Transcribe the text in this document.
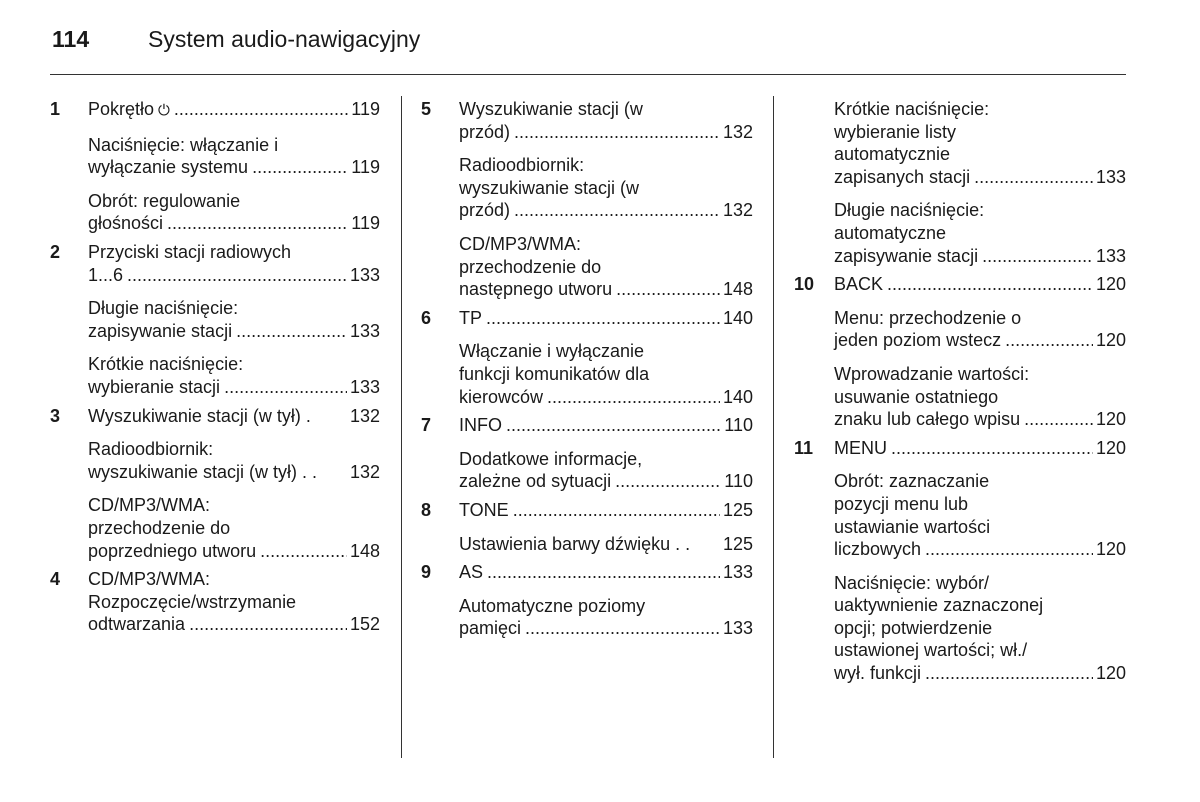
114	System audio-nawigacyjny
1 Pokrętło ⏻ .....	119
Naciśnięcie: włączanie i
wyłączanie systemu .....	119
Obrót: regulowanie
głośności .....	119
2 Przyciski stacji radiowych
1...6 .....	133
Długie naciśnięcie:
zapisywanie stacji .....	133
Krótkie naciśnięcie:
wybieranie stacji .....	133
3 Wyszukiwanie stacji (w tył) . 132
Radioodbiornik:
wyszukiwanie stacji (w tył) . . 132
CD/MP3/WMA:
przechodzenie do
poprzedniego utworu .....	148
4 CD/MP3/WMA:
Rozpoczęcie/wstrzymanie
odtwarzania .....	152
5 Wyszukiwanie stacji (w
przód) .....	132
Radioodbiornik:
wyszukiwanie stacji (w
przód) .....	132
CD/MP3/WMA:
przechodzenie do
następnego utworu .....	148
6 TP .....	140
Włączanie i wyłączanie
funkcji komunikatów dla
kierowców .....	140
7 INFO .....	110
Dodatkowe informacje,
zależne od sytuacji .....	110
8 TONE .....	125
Ustawienia barwy dźwięku . . 125
9 AS .....	133
Automatyczne poziomy
pamięci .....	133
Krótkie naciśnięcie:
wybieranie listy
automatycznie
zapisanych stacji .....	133
Długie naciśnięcie:
automatyczne
zapisywanie stacji .....	133
10 BACK .....	120
Menu: przechodzenie o
jeden poziom wstecz .....	120
Wprowadzanie wartości:
usuwanie ostatniego
znaku lub całego wpisu .....	120
11 MENU .....	120
Obrót: zaznaczanie
pozycji menu lub
ustawianie wartości
liczbowych .....	120
Naciśnięcie: wybór/
uaktywnienie zaznaczonej
opcji; potwierdzenie
ustawionej wartości; wł./
wył. funkcji .....	120
